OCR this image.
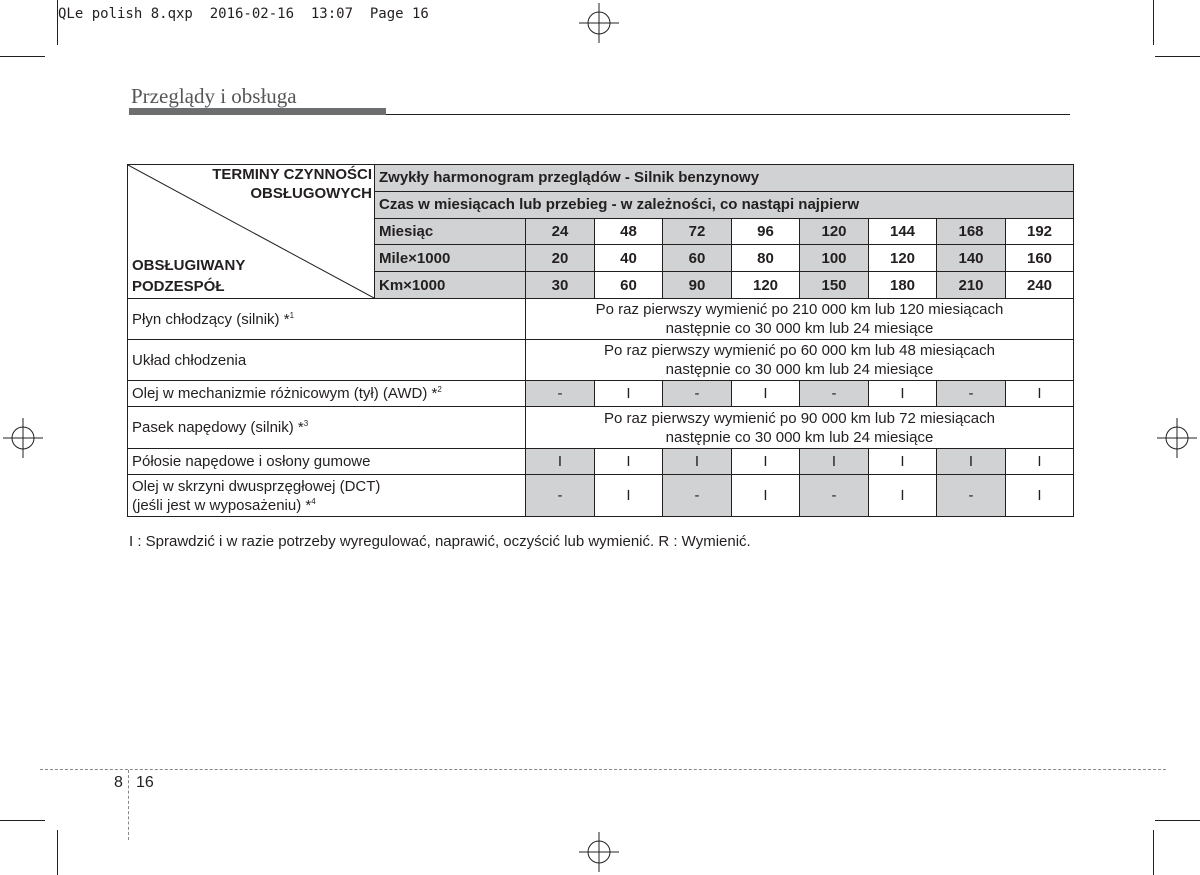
QLe polish 8.qxp  2016-02-16  13:07  Page 16
Przeglądy i obsługa
TERMINY CZYNNOŚCI
OBSŁUGOWYCH
OBSŁUGIWANY
PODZESPÓŁ	Zwykły harmonogram przeglądów - Silnik benzynowy								
	Czas w miesiącach lub przebieg - w zależności, co nastąpi najpierw								
	Miesiąc	24	48	72	96	120	144	168	192
	Mile×1000	20	40	60	80	100	120	140	160
	Km×1000	30	60	90	120	150	180	210	240
Płyn chłodzący (silnik) *$^1$		Po raz pierwszy wymienić po 210 000 km lub 120 miesiącach
następnie co 30 000 km lub 24 miesiące							

Układ chłodzenia		Po raz pierwszy wymienić po 60 000 km lub 48 miesiącach
następnie co 30 000 km lub 24 miesiące							

Olej w mechanizmie różnicowym (tył) (AWD) *$^2$		-	I	-	I	-	I	-	I
Pasek napędowy (silnik) *$^3$		Po raz pierwszy wymienić po 90 000 km lub 72 miesiącach
następnie co 30 000 km lub 24 miesiące							

Półosie napędowe i osłony gumowe		I	I	I	I	I	I	I	I

Olej w skrzyni dwusprzęgłowej (DCT)
(jeśli jest w wyposażeniu) *$^4$		-	I	-	I	-	I	-	I
I : Sprawdzić i w razie potrzeby wyregulować, naprawić, oczyścić lub wymienić. R : Wymienić.
8 16
